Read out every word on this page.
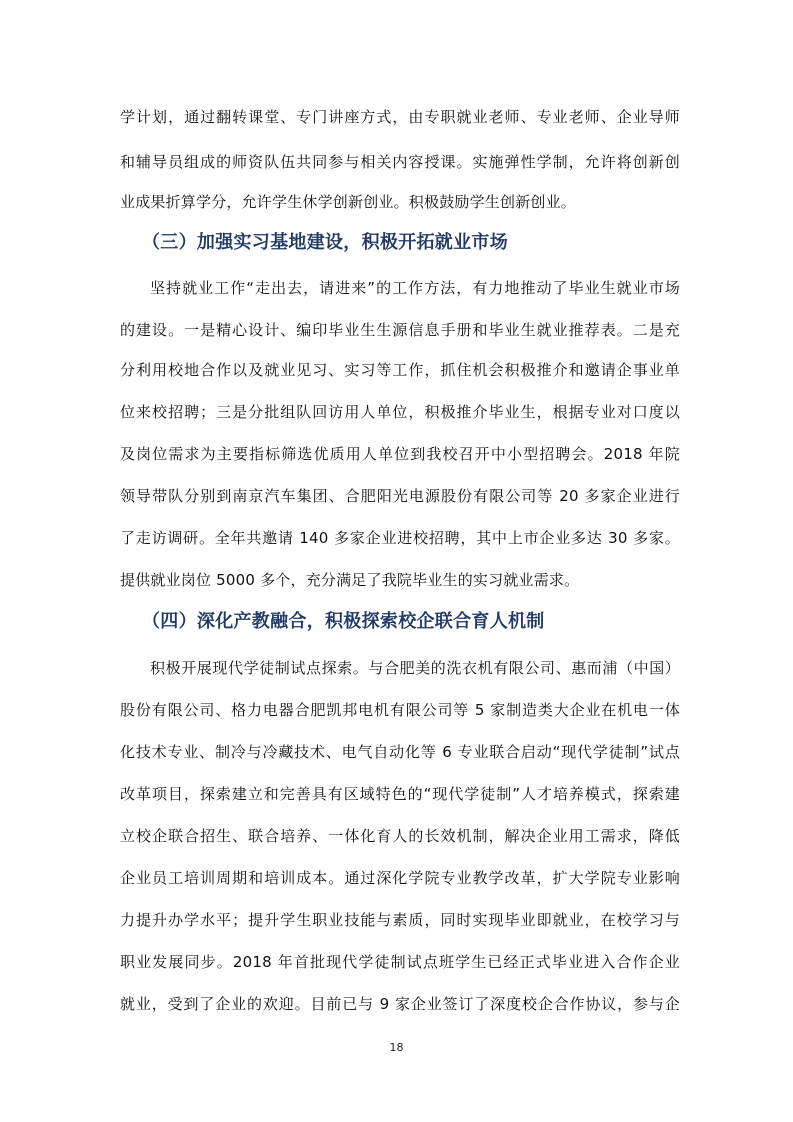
学计划，通过翻转课堂、专门讲座方式，由专职就业老师、专业老师、企业导师
和辅导员组成的师资队伍共同参与相关内容授课。实施弹性学制，允许将创新创
业成果折算学分，允许学生休学创新创业。积极鼓励学生创新创业。
（三）加强实习基地建设，积极开拓就业市场
坚持就业工作“走出去，请进来”的工作方法，有力地推动了毕业生就业市场
的建设。一是精心设计、编印毕业生生源信息手册和毕业生就业推荐表。二是充
分利用校地合作以及就业见习、实习等工作，抓住机会积极推介和邀请企事业单
位来校招聘；三是分批组队回访用人单位，积极推介毕业生，根据专业对口度以
及岗位需求为主要指标筛选优质用人单位到我校召开中小型招聘会。2018 年院
领导带队分别到南京汽车集团、合肥阳光电源股份有限公司等 20 多家企业进行
了走访调研。全年共邀请 140 多家企业进校招聘，其中上市企业多达 30 多家。
提供就业岗位 5000 多个，充分满足了我院毕业生的实习就业需求。
（四）深化产教融合，积极探索校企联合育人机制
积极开展现代学徒制试点探索。与合肥美的洗衣机有限公司、惠而浦（中国）
股份有限公司、格力电器合肥凯邦电机有限公司等 5 家制造类大企业在机电一体
化技术专业、制冷与冷藏技术、电气自动化等 6 专业联合启动“现代学徒制”试点
改革项目，探索建立和完善具有区域特色的“现代学徒制”人才培养模式，探索建
立校企联合招生、联合培养、一体化育人的长效机制，解决企业用工需求，降低
企业员工培训周期和培训成本。通过深化学院专业教学改革，扩大学院专业影响
力提升办学水平；提升学生职业技能与素质，同时实现毕业即就业，在校学习与
职业发展同步。2018 年首批现代学徒制试点班学生已经正式毕业进入合作企业
就业，受到了企业的欢迎。目前已与 9 家企业签订了深度校企合作协议，参与企
18
